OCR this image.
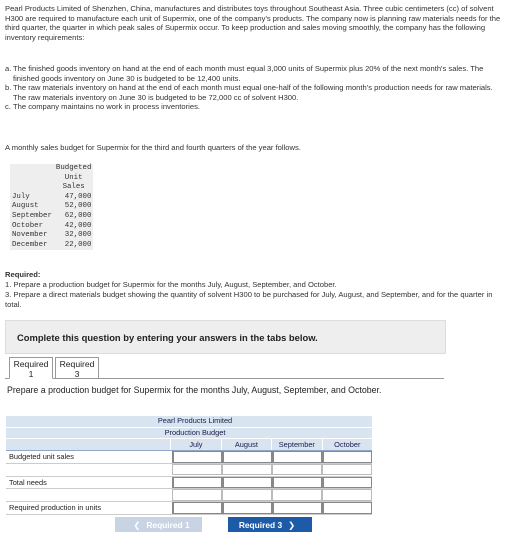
Pearl Products Limited of Shenzhen, China, manufactures and distributes toys throughout Southeast Asia. Three cubic centimeters (cc) of solvent H300 are required to manufacture each unit of Supermix, one of the company's products. The company now is planning raw materials needs for the third quarter, the quarter in which peak sales of Supermix occur. To keep production and sales moving smoothly, the company has the following inventory requirements:

a. The finished goods inventory on hand at the end of each month must equal 3,000 units of Supermix plus 20% of the next month's sales. The finished goods inventory on June 30 is budgeted to be 12,400 units.
b. The raw materials inventory on hand at the end of each month must equal one-half of the following month's production needs for raw materials. The raw materials inventory on June 30 is budgeted to be 72,000 cc of solvent H300.
c. The company maintains no work in process inventories.

A monthly sales budget for Supermix for the third and fourth quarters of the year follows.

	Budgeted
	Unit
	Sales
July	47,000
August	52,000
September	62,000
October	42,000
November	32,000
December	22,000
Required:

1. Prepare a production budget for Supermix for the months July, August, September, and October.

3. Prepare a direct materials budget showing the quantity of solvent H300 to be purchased for July, August, and September, and for the quarter in total.

Complete this question by entering your answers in the tabs below.
Required
1
Required
3
Prepare a production budget for Supermix for the months July, August, September, and October.
Pearl Products Limited
Production Budget
July	August	September	October
Budgeted unit sales
Total needs
Required production in units
❮ Required 1	Required 3 ❯
